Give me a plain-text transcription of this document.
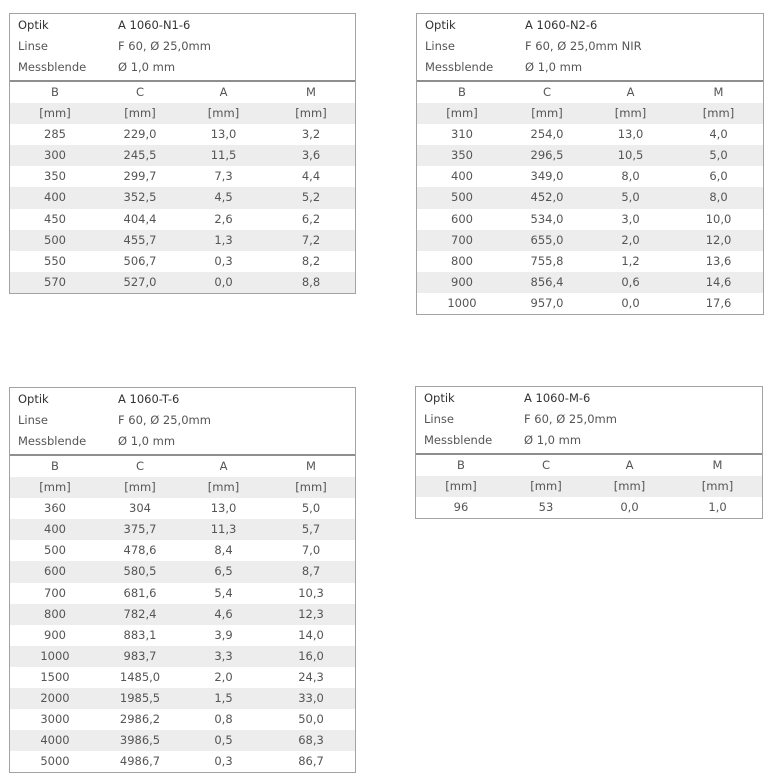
Optik	A 1060-N1-6
Linse	F 60, Ø 25,0mm
Messblende	Ø 1,0 mm
B	C	A	M
[mm]	[mm]	[mm]	[mm]
285	229,0	13,0	3,2
300	245,5	11,5	3,6
350	299,7	7,3	4,4
400	352,5	4,5	5,2
450	404,4	2,6	6,2
500	455,7	1,3	7,2
550	506,7	0,3	8,2
570	527,0	0,0	8,8
Optik	A 1060-N2-6
Linse	F 60, Ø 25,0mm NIR
Messblende	Ø 1,0 mm
B	C	A	M
[mm]	[mm]	[mm]	[mm]
310	254,0	13,0	4,0
350	296,5	10,5	5,0
400	349,0	8,0	6,0
500	452,0	5,0	8,0
600	534,0	3,0	10,0
700	655,0	2,0	12,0
800	755,8	1,2	13,6
900	856,4	0,6	14,6
1000	957,0	0,0	17,6
Optik	A 1060-T-6
Linse	F 60, Ø 25,0mm
Messblende	Ø 1,0 mm
B	C	A	M
[mm]	[mm]	[mm]	[mm]
360	304	13,0	5,0
400	375,7	11,3	5,7
500	478,6	8,4	7,0
600	580,5	6,5	8,7
700	681,6	5,4	10,3
800	782,4	4,6	12,3
900	883,1	3,9	14,0
1000	983,7	3,3	16,0
1500	1485,0	2,0	24,3
2000	1985,5	1,5	33,0
3000	2986,2	0,8	50,0
4000	3986,5	0,5	68,3
5000	4986,7	0,3	86,7
Optik	A 1060-M-6
Linse	F 60, Ø 25,0mm
Messblende	Ø 1,0 mm
B	C	A	M
[mm]	[mm]	[mm]	[mm]
96	53	0,0	1,0
